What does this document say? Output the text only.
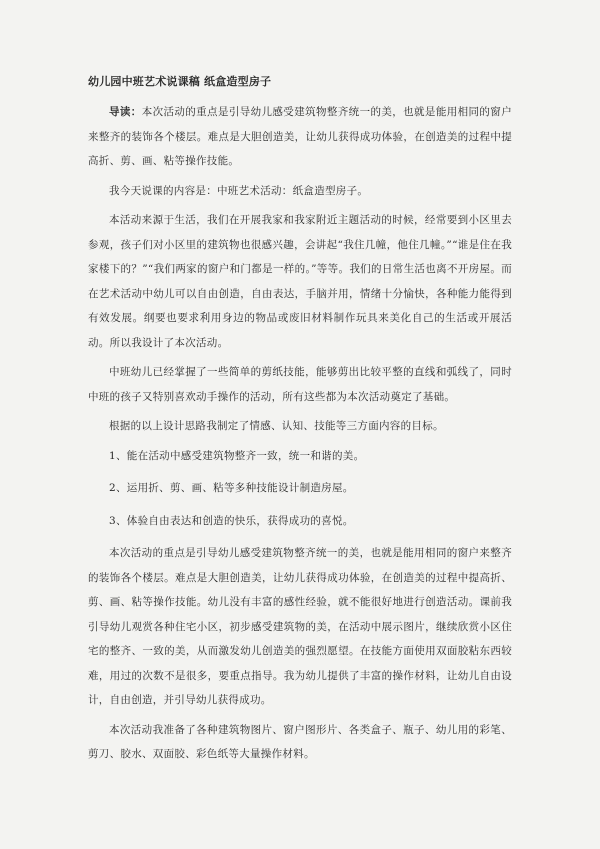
幼儿园中班艺术说课稿 纸盒造型房子

导读：本次活动的重点是引导幼儿感受建筑物整齐统一的美，也就是能用相同的窗户来整齐的装饰各个楼层。难点是大胆创造美，让幼儿获得成功体验，在创造美的过程中提高折、剪、画、粘等操作技能。

我今天说课的内容是：中班艺术活动：纸盒造型房子。

本活动来源于生活，我们在开展我家和我家附近主题活动的时候，经常要到小区里去参观，孩子们对小区里的建筑物也很感兴趣，会讲起“我住几幢，他住几幢。”“谁是住在我家楼下的？”“我们两家的窗户和门都是一样的。”等等。我们的日常生活也离不开房屋。而在艺术活动中幼儿可以自由创造，自由表达，手脑并用，情绪十分愉快，各种能力能得到有效发展。纲要也要求利用身边的物品或废旧材料制作玩具来美化自己的生活或开展活动。所以我设计了本次活动。

中班幼儿已经掌握了一些简单的剪纸技能，能够剪出比较平整的直线和弧线了，同时中班的孩子又特别喜欢动手操作的活动，所有这些都为本次活动奠定了基础。

根据的以上设计思路我制定了情感、认知、技能等三方面内容的目标。

1、能在活动中感受建筑物整齐一致，统一和谐的美。

2、运用折、剪、画、粘等多种技能设计制造房屋。

3、体验自由表达和创造的快乐，获得成功的喜悦。

本次活动的重点是引导幼儿感受建筑物整齐统一的美，也就是能用相同的窗户来整齐的装饰各个楼层。难点是大胆创造美，让幼儿获得成功体验，在创造美的过程中提高折、剪、画、粘等操作技能。幼儿没有丰富的感性经验，就不能很好地进行创造活动。课前我引导幼儿观赏各种住宅小区，初步感受建筑物的美，在活动中展示图片，继续欣赏小区住宅的整齐、一致的美，从而激发幼儿创造美的强烈愿望。在技能方面使用双面胶粘东西较难，用过的次数不是很多，要重点指导。我为幼儿提供了丰富的操作材料，让幼儿自由设计，自由创造，并引导幼儿获得成功。

本次活动我准备了各种建筑物图片、窗户图形片、各类盒子、瓶子、幼儿用的彩笔、剪刀、胶水、双面胶、彩色纸等大量操作材料。
